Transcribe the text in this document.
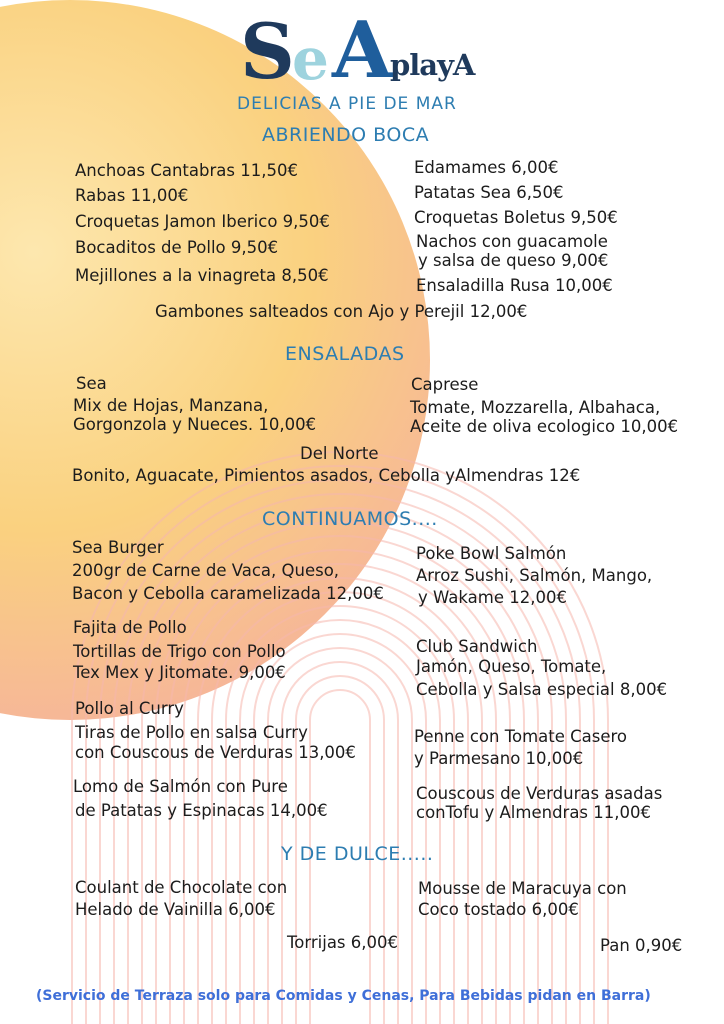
S
e A
playA
DELICIAS A PIE DE MAR
ABRIENDO BOCA
Anchoas Cantabras 11,50€
Rabas 11,00€
Croquetas Jamon Iberico 9,50€
Bocaditos de Pollo 9,50€
Mejillones a la vinagreta 8,50€
Edamames 6,00€
Patatas Sea 6,50€
Croquetas Boletus 9,50€
Nachos con guacamole
y salsa de queso 9,00€
Ensaladilla Rusa 10,00€
Gambones salteados con Ajo y Perejil 12,00€
ENSALADAS
Sea
Mix de Hojas, Manzana,
Gorgonzola y Nueces. 10,00€
Caprese
Tomate, Mozzarella, Albahaca,
Aceite de oliva ecologico 10,00€
Del Norte
Bonito, Aguacate, Pimientos asados, Cebolla yAlmendras 12€
CONTINUAMOS....
Sea Burger
200gr de Carne de Vaca, Queso,
Bacon y Cebolla caramelizada 12,00€
Poke Bowl Salmón
Arroz Sushi, Salmón, Mango,
y Wakame 12,00€
Fajita de Pollo
Tortillas de Trigo con Pollo
Tex Mex y Jitomate. 9,00€
Club Sandwich
Jamón, Queso, Tomate,
Cebolla y Salsa especial 8,00€
Pollo al Curry
Tiras de Pollo en salsa Curry
con Couscous de Verduras 13,00€
Penne con Tomate Casero
y Parmesano 10,00€
Lomo de Salmón con Pure
de Patatas y Espinacas 14,00€
Couscous de Verduras asadas
conTofu y Almendras 11,00€
Y DE DULCE.....
Coulant de Chocolate con
Helado de Vainilla 6,00€
Mousse de Maracuya con
Coco tostado 6,00€
Torrijas 6,00€	Pan 0,90€
(Servicio de Terraza solo para Comidas y Cenas, Para Bebidas pidan en Barra)
